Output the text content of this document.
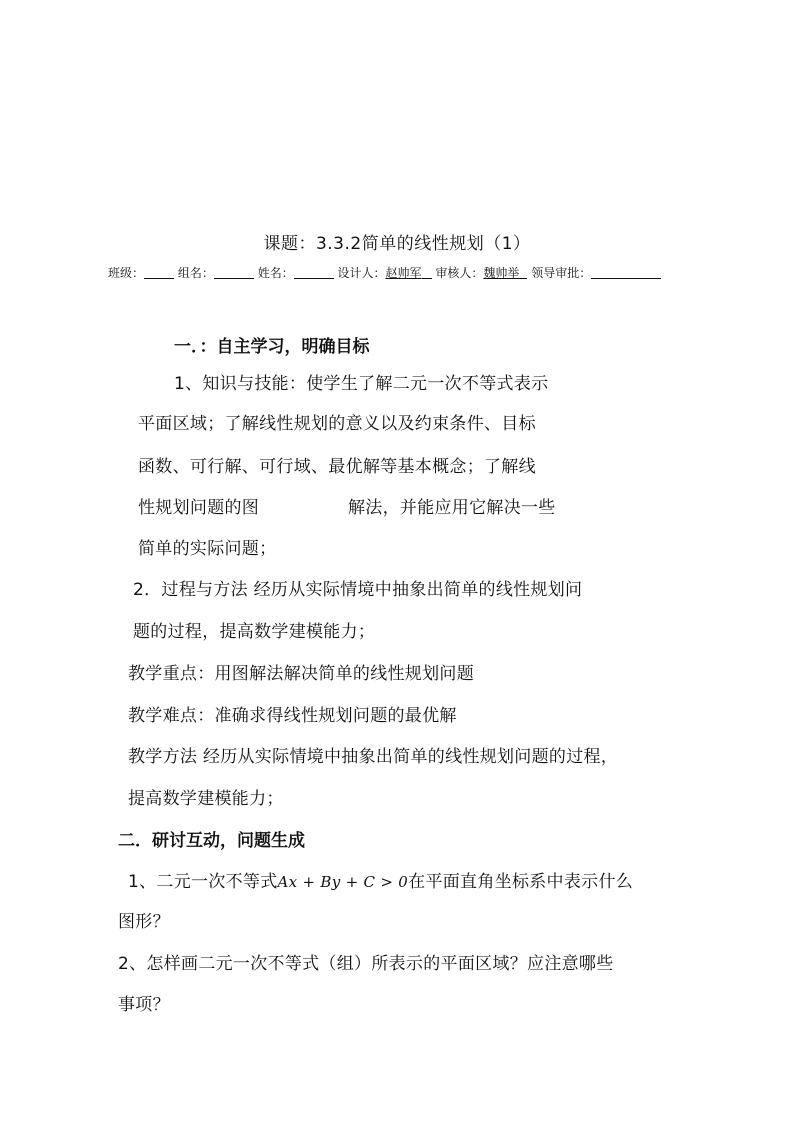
课题：3.3.2简单的线性规划（1）
班级：	组名：	姓名：	设计人：赵帅军 审核人：魏帅举 领导审批：
一．：自主学习，明确目标
1、知识与技能：使学生了解二元一次不等式表示
平面区域；了解线性规划的意义以及约束条件、目标
函数、可行解、可行域、最优解等基本概念；了解线
性规划问题的图	解法，并能应用它解决一些
简单的实际问题；
2．过程与方法 经历从实际情境中抽象出简单的线性规划问
题的过程，提高数学建模能力；
教学重点：用图解法解决简单的线性规划问题
教学难点：准确求得线性规划问题的最优解
教学方法 经历从实际情境中抽象出简单的线性规划问题的过程，
提高数学建模能力；
二．研讨互动，问题生成
1、二元一次不等式Ax + By + C > 0在平面直角坐标系中表示什么
图形？
2、怎样画二元一次不等式（组）所表示的平面区域？应注意哪些
事项？
